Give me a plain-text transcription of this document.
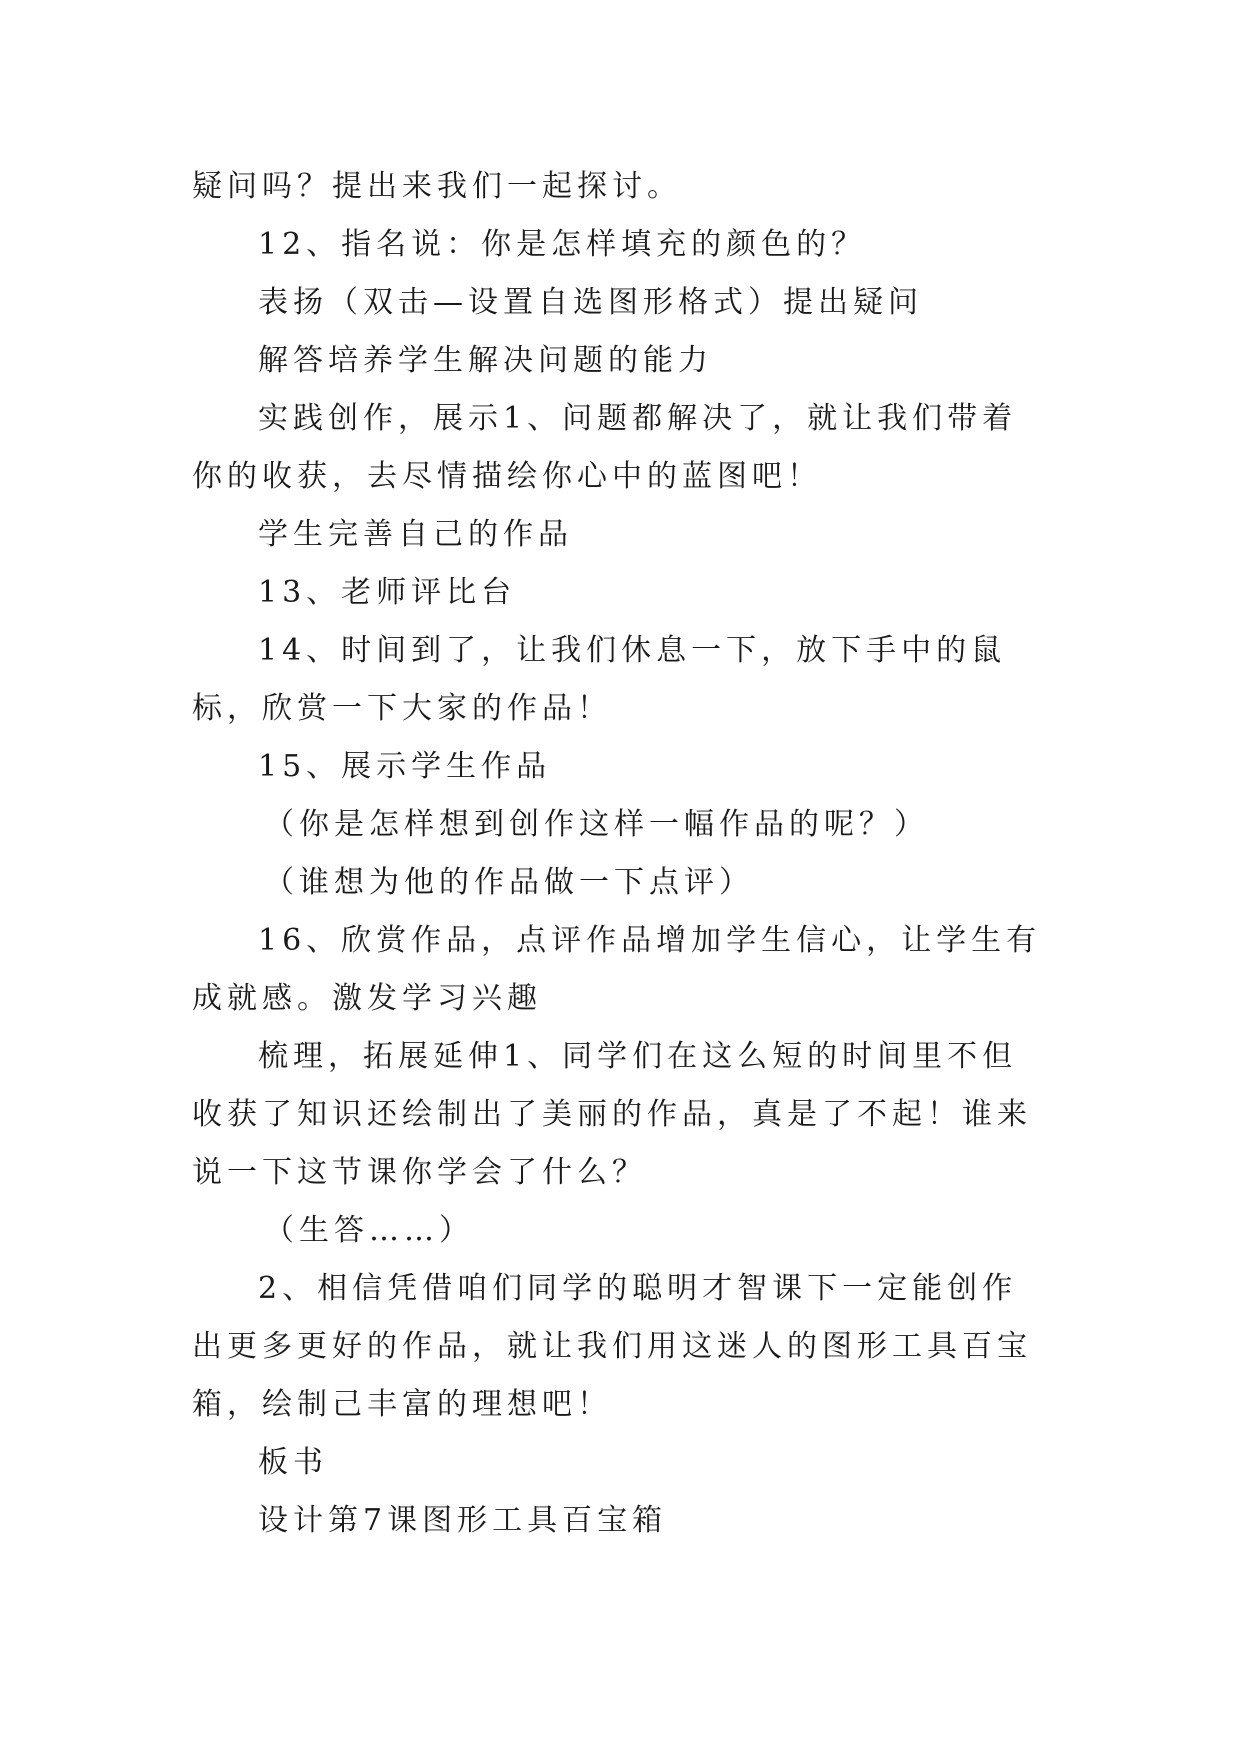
疑问吗？提出来我们一起探讨。

12、指名说：你是怎样填充的颜色的？

表扬（双击—设置自选图形格式）提出疑问

解答培养学生解决问题的能力

实践创作，展示1、问题都解决了，就让我们带着你的收获，去尽情描绘你心中的蓝图吧！

学生完善自己的作品

13、老师评比台

14、时间到了，让我们休息一下，放下手中的鼠标，欣赏一下大家的作品！

15、展示学生作品

（你是怎样想到创作这样一幅作品的呢？）

（谁想为他的作品做一下点评）

16、欣赏作品，点评作品增加学生信心，让学生有成就感。激发学习兴趣

梳理，拓展延伸1、同学们在这么短的时间里不但收获了知识还绘制出了美丽的作品，真是了不起！谁来说一下这节课你学会了什么？

（生答……）

2、相信凭借咱们同学的聪明才智课下一定能创作出更多更好的作品，就让我们用这迷人的图形工具百宝箱，绘制己丰富的理想吧！

板书

设计第7课图形工具百宝箱
